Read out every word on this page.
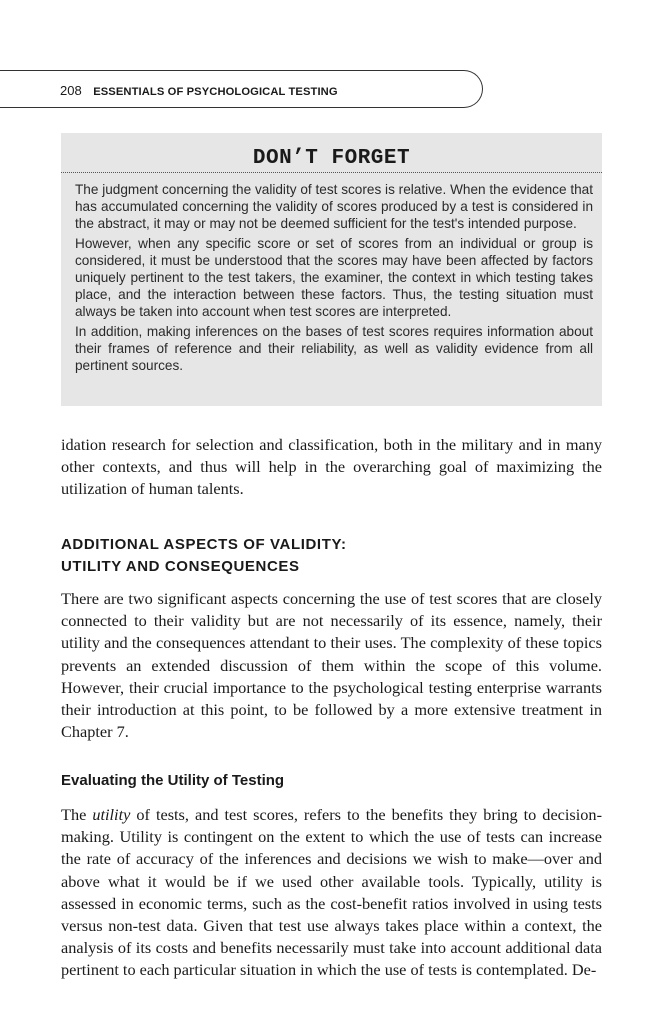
208 ESSENTIALS OF PSYCHOLOGICAL TESTING
DON’T FORGET

The judgment concerning the validity of test scores is relative. When the evidence that has accumulated concerning the validity of scores produced by a test is considered in the abstract, it may or may not be deemed sufficient for the test's intended purpose.

However, when any specific score or set of scores from an individual or group is considered, it must be understood that the scores may have been affected by factors uniquely pertinent to the test takers, the examiner, the context in which testing takes place, and the interaction between these factors. Thus, the testing situation must always be taken into account when test scores are interpreted.

In addition, making inferences on the bases of test scores requires information about their frames of reference and their reliability, as well as validity evidence from all pertinent sources.

idation research for selection and classification, both in the military and in many other contexts, and thus will help in the overarching goal of maximizing the utilization of human talents.

ADDITIONAL ASPECTS OF VALIDITY:
UTILITY AND CONSEQUENCES

There are two significant aspects concerning the use of test scores that are closely connected to their validity but are not necessarily of its essence, namely, their utility and the consequences attendant to their uses. The complexity of these topics prevents an extended discussion of them within the scope of this volume. However, their crucial importance to the psychological testing enterprise warrants their introduction at this point, to be followed by a more extensive treatment in Chapter 7.

Evaluating the Utility of Testing

The utility of tests, and test scores, refers to the benefits they bring to decision-making. Utility is contingent on the extent to which the use of tests can increase the rate of accuracy of the inferences and decisions we wish to make—over and above what it would be if we used other available tools. Typically, utility is assessed in economic terms, such as the cost-benefit ratios involved in using tests versus non-test data. Given that test use always takes place within a context, the analysis of its costs and benefits necessarily must take into account additional data pertinent to each particular situation in which the use of tests is contemplated. De-
